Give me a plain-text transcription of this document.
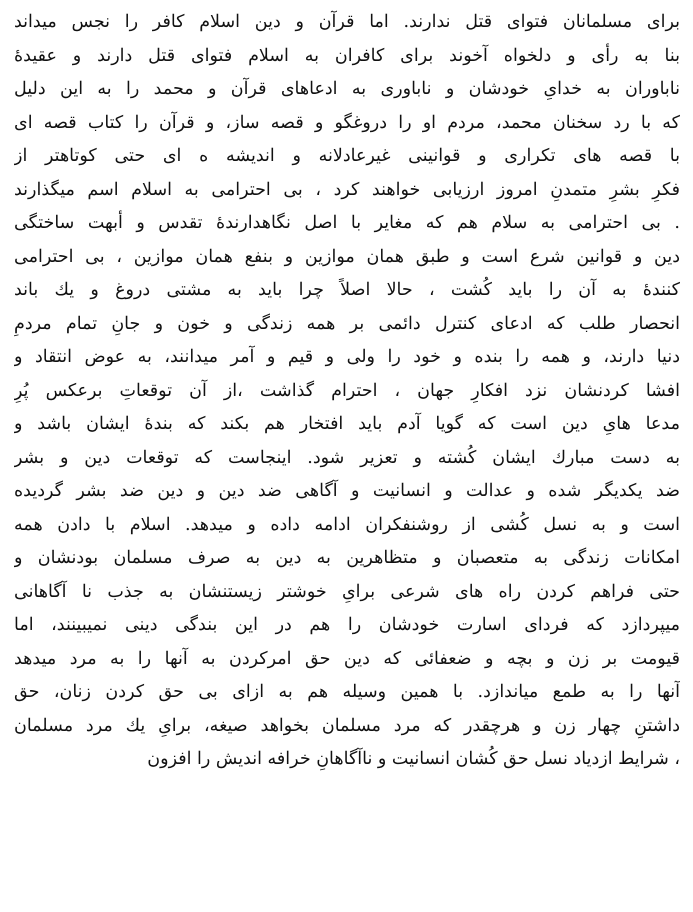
برای مسلمانان فتوای قتل ندارند. اما قرآن و دین اسلام کافر را نجس میداند
بنا به رأی و دلخواه آخوند برای کافران به اسلام فتوای قتل دارند و عقیدهٔ
ناباوران به خدایِ خودشان و ناباوری به ادعاهای قرآن و محمد را به این دلیل
که با رد سخنان محمد، مردم او را دروغگو و قصه ساز، و قرآن را کتاب قصه ای
با قصه های تکراری و قوانینی غیرعادلانه و اندیشه ه ای حتی کوتاهتر از
فکرِ بشرِ متمدنِ امروز ارزیابی خواهند کرد ، بی احترامی به اسلام اسم میگذارند
. بی احترامی به سلام هم که مغایر با اصل نگاهدارندهٔ تقدس و أبهت ساختگی
دین و قوانین شرع است و طبق همان موازین و بنفع همان موازین ، بی احترامی
کنندهٔ به آن را باید کُشت ، حالا اصلاً چرا باید به مشتی دروغ و یك باند
انحصار طلب که ادعای کنترل دائمی بر همه زندگی و خون و جانِ تمام مردمِ
دنیا دارند، و همه را بنده و خود را ولی و قیم و آمر میدانند، به عوض انتقاد و
افشا کردنشان نزد افکارِ جهان ، احترام گذاشت ،از آن توقعاتِ برعکس پُرِ
مدعا هایِ دین است که گویا آدم باید افتخار هم بکند که بندهٔ ایشان باشد و
به دست مبارك ایشان کُشته و تعزیر شود. اینجاست که توقعات دین و بشر
ضد یکدیگر شده و عدالت و انسانیت و آگاهی ضد دین و دین ضد بشر گردیده
است و به نسل کُشی از روشنفکران ادامه داده و میدهد. اسلام با دادن همه
امکانات زندگی به متعصبان و متظاهرین به دین به صرف مسلمان بودنشان و
حتی فراهم کردن راه های شرعی برایِ خوشتر زیستنشان به جذب نا آگاهانی
میپردازد که فردای اسارت خودشان را هم در این بندگی دینی نمیبینند، اما
قیومت بر زن و بچه و ضعفائی که دین حق امرکردن به آنها را به مرد میدهد
آنها را به طمع میاندازد. با همین وسیله هم به ازای بی حق کردن زنان، حق
داشتنِ چهار زن و هرچقدر که مرد مسلمان بخواهد صیغه، برایِ یك مرد مسلمان
، شرایط ازدیاد نسل حق کُشان انسانیت و ناآگاهانِ خرافه اندیش را افزون
